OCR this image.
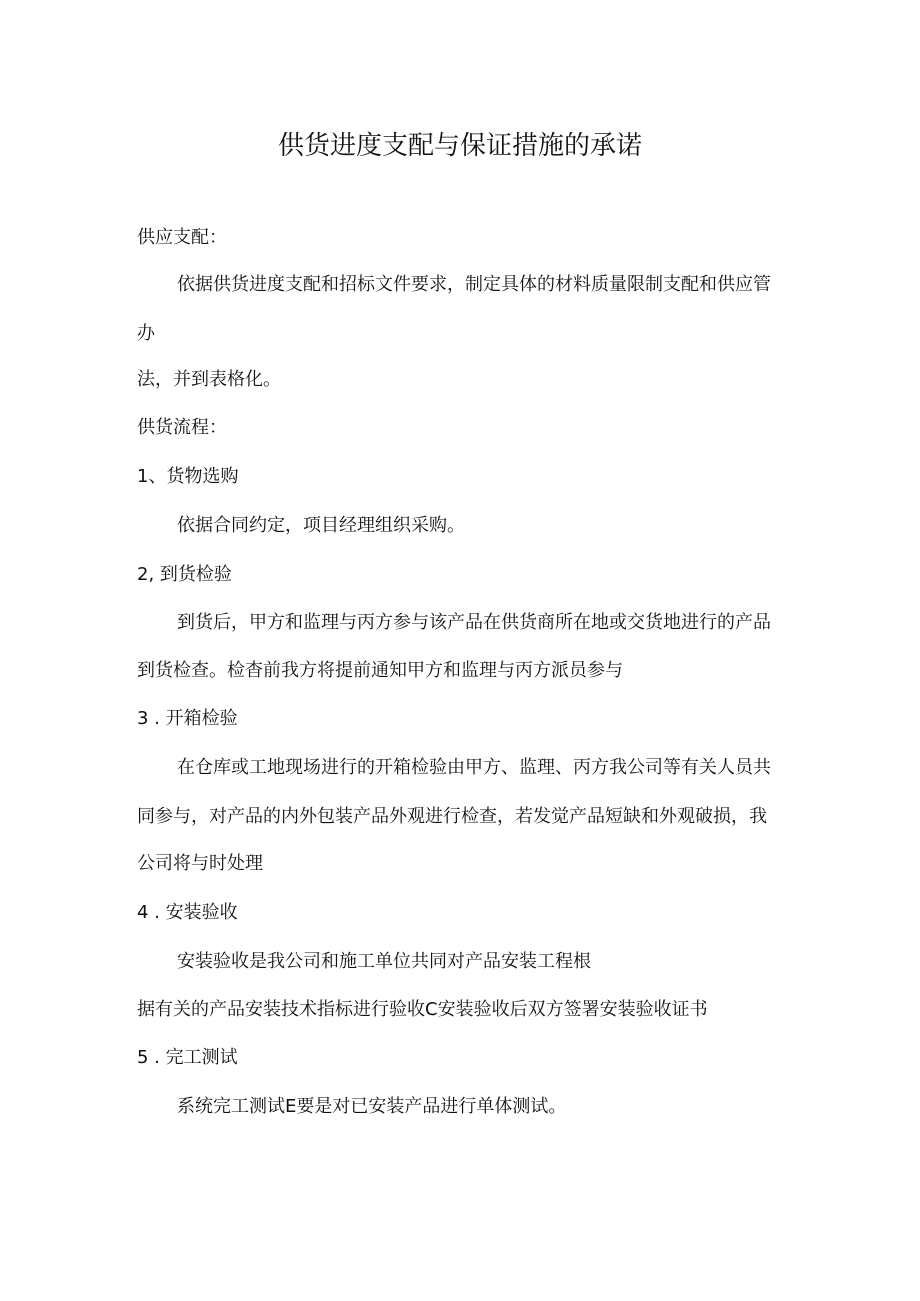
供货进度支配与保证措施的承诺
供应支配：
依据供货进度支配和招标文件要求，制定具体的材料质量限制支配和供应管
办
法，并到表格化。
供货流程：
1、货物选购
依据合同约定，项目经理组织采购。
2, 到货检验
到货后，甲方和监理与丙方参与该产品在供货商所在地或交货地进行的产品
到货检查。检杳前我方将提前通知甲方和监理与丙方派员参与
3 . 开箱检验
在仓库或工地现场进行的开箱检验由甲方、监理、丙方我公司等有关人员共
同参与，对产品的内外包装产品外观进行检查，若发觉产品短缺和外观破损，我
公司将与时处理
4 . 安装验收
安装验收是我公司和施工单位共同对产品安装工程根
据有关的产品安装技术指标进行验收C安装验收后双方签署安装验收证书
5 . 完工测试
系统完工测试E要是对已安装产品进行单体测试。
